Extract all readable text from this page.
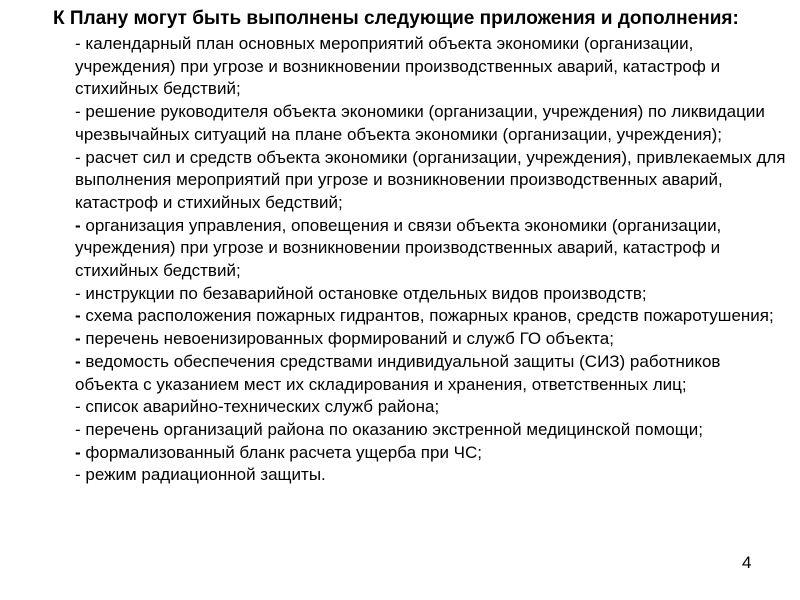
К Плану могут быть выполнены следующие приложения и дополнения:

- календарный план основных мероприятий объекта экономики (организации, учреждения) при угрозе и возникновении производственных аварий, катастроф и стихийных бедствий;
- решение руководителя объекта экономики (организации, учреждения) по ликвидации чрезвычайных ситуаций на плане объекта экономики (организации, учреждения);
- расчет сил и средств объекта экономики (организации, учреждения), привлекаемых для выполнения мероприятий при угрозе и возникновении производственных аварий, катастроф и стихийных бедствий;
- организация управления, оповещения и связи объекта экономики (организации, учреждения) при угрозе и возникновении производственных аварий, катастроф и стихийных бедствий;
- инструкции по безаварийной остановке отдельных видов производств;
- схема расположения пожарных гидрантов, пожарных кранов, средств пожаротушения;
- перечень невоенизированных формирований и служб ГО объекта;
- ведомость обеспечения средствами индивидуальной защиты (СИЗ) работников объекта с указанием мест их складирования и хранения, ответственных лиц;
- список аварийно-технических служб района;
- перечень организаций района по оказанию экстренной медицинской помощи;
- формализованный бланк расчета ущерба при ЧС;
- режим радиационной защиты.
4
